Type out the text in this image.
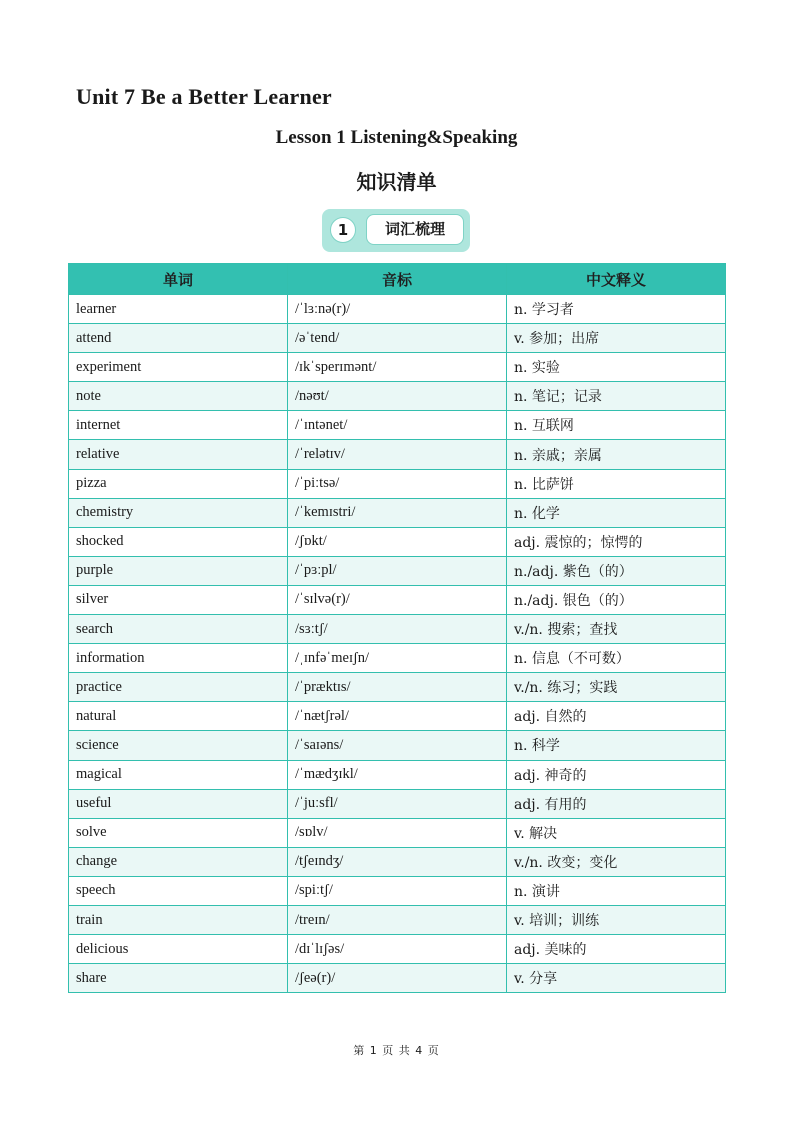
Unit 7 Be a Better Learner
Lesson 1 Listening&Speaking
知识清单
1	词汇梳理
单词	音标	中文释义
learner	/ˈlɜːnə(r)/	n. 学习者
attend	/əˈtend/	v. 参加；出席
experiment	/ɪkˈsperɪmənt/	n. 实验
note	/nəʊt/	n. 笔记；记录
internet	/ˈɪntənet/	n. 互联网
relative	/ˈrelətɪv/	n. 亲戚；亲属
pizza	/ˈpiːtsə/	n. 比萨饼
chemistry	/ˈkemɪstri/	n. 化学
shocked	/ʃɒkt/	adj. 震惊的；惊愕的
purple	/ˈpɜːpl/	n./adj. 紫色（的）
silver	/ˈsɪlvə(r)/	n./adj. 银色（的）
search	/sɜːtʃ/	v./n. 搜索；查找
information	/ˌɪnfəˈmeɪʃn/	n. 信息（不可数）
practice	/ˈpræktɪs/	v./n. 练习；实践
natural	/ˈnætʃrəl/	adj. 自然的
science	/ˈsaɪəns/	n. 科学
magical	/ˈmædʒɪkl/	adj. 神奇的
useful	/ˈjuːsfl/	adj. 有用的
solve	/sɒlv/	v. 解决
change	/tʃeɪndʒ/	v./n. 改变；变化
speech	/spiːtʃ/	n. 演讲
train	/treɪn/	v. 培训；训练
delicious	/dɪˈlɪʃəs/	adj. 美味的
share	/ʃeə(r)/	v. 分享
第 1 页 共 4 页
